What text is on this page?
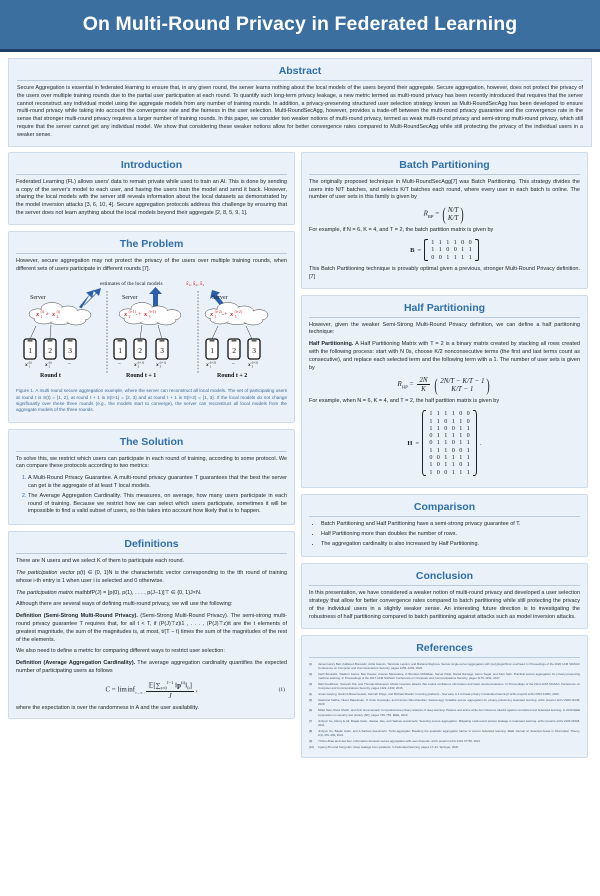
On Multi-Round Privacy in Federated Learning
Abstract

Secure Aggregation is essential in federated learning to ensure that, in any given round, the server learns nothing about the local models of the users beyond their aggregate. Secure aggregation, however, does not protect the privacy of the users over multiple training rounds due to the partial user participation at each round. To quantify such long-term privacy leakage, a new metric termed as multi-round privacy has been recently introduced that requires that the server cannot reconstruct any individual model using the aggregate models from any number of training rounds. In addition, a privacy-preserving structured user selection strategy known as Multi-RoundSecAgg has been developed to ensure multi-round privacy while taking into account the convergence rate and the fairness in the user selection. Multi-RoundSecAgg, however, provides a trade-off between the multi-round privacy guarantee and the convergence rate in the sense that stronger multi-round privacy requires a larger number of training rounds. In this paper, we consider two weaker notions of multi-round privacy, termed as weak multi-round privacy and semi-strong multi-round privacy, which still require that the server cannot get any individual model. We show that considering these weaker notions allow for better convergence rates compared to Multi-RoundSecAgg while still protecting the privacy of the individual users in a weaker sense.

Introduction

Federated Learning (FL) allows users' data to remain private while used to train an AI. This is done by sending a copy of the server's model to each user, and having the users train the model and send it back. However, sharing the local models with the server still reveals information about the local datasets as demonstrated by the model inversion attacks [3, 6, 10, 4]. Secure aggregation protocols address this challenge by ensuring that the server does not learn anything about the local models beyond their aggregate [2, 8, 5, 9, 1].

The Problem

However, secure aggregation may not protect the privacy of the users over multiple training rounds, when different sets of users participate in different rounds [7].

estimates of the local models	x̂₁, x̂₂, x̂₃
Server
x 1
(t) + x 2
(t)
1 2 3
x 1
(t) x 2
(t)	–
Round t
Server
x 2
(t+1) + x 3
(t+1)
1 2 3
– x 2
(t+1) x 3
(t+1)
Round t + 1
Server
x 1
(t+2) + x 3
(t+2)
1 2 3
x 1
(t+2)	– x 3
(t+2)
Round t + 2
Figure 1. A multi round secure aggregation example, where the server can reconstruct all local models. The set of participating users at round t is S(t) = {1, 2}, at round t + 1 is S(t+1) = {2, 3} and at round t + 1 is S(t+2) = {1, 3}. If the local models do not change significantly over these three rounds (e.g., the models start to converge), the server can reconstruct all local models from the aggregate models of the three rounds.
The Solution

To solve this, we restrict which users can participate in each round of training, according to some protocol. We can compare these protocols according to two metrics:

1. A Multi-Round Privacy Guarantee. A multi-round privacy guarantee T guarantees that the best the server can get is the aggregate of at least T local models.
2. The Average Aggregation Cardinality. This measures, on average, how many users participate in each round of training. Because we restrict how we can select which users participate, sometimes it will be impossible to find a valid subset of users, so this takes into account how likely that is to happen.
Definitions

There are N users and we select K of them to participate each round.

The participation vector p(t) ∈ {0, 1}N is the characteristic vector corresponding to the tth round of training whose i-th entry is 1 when user i is selected and 0 otherwise.

The participation matrix mathbfP(J) = [p(0), p(1), . . . , p(J−1)]⊤ ∈ {0, 1}J×N.

Although there are several ways of defining multi-round privacy, we will use the following:

Definition (Semi-Strong Multi-Round Privacy). (Semi-Strong Multi-Round Privacy). The semi-strong multi-round privacy guarantee T requires that, for all t < T, if (P(J)⊤z)i1 , . . . , (P(J)⊤z)it are the t elements of greatest magnitude, the sum of the magnitudes is, at most, t/(T − t) times the sum of the magnitudes of the rest of the elements.

We also need to define a metric for comparing different ways to restrict user selection:

Definition (Average Aggregation Cardinality). The average aggregation cardinality quantifies the expected number of participating users as follows

C = lim $inf_{J\to\infty} \frac{𝔼[\sum_{t=0}^{J-1} ‖p^{(t)}‖_0]}{J}$ ,	(1)

where the expectation is over the randomness in A and the user availability.

Batch Partitioning

The originally proposed technique in Multi-RoundSecAgg[7] was Batch Partitioning. This strategy divides the users into N/T batches, and selects K/T batches each round, where every user in each batch is online. The number of user sets in this family is given by

$R_{BP}$ = ( N/T
K/T )

For example, if N = 6, K = 4, and T = 2, the batch partition matrix is given by

B =
1	1	1	1	0	0
1	1	0	0	1	1
0	0	1	1	1	1

This Batch Partitioning technique is provably optimal given a previous, stronger Multi-Round Privacy definition.[7]

Half Partitioning

However, given the weaker Semi-Strong Multi-Round Privacy definition, we can define a half partitoning technique:

Half Partitioning. A Half Partitioning Matrix with T = 2 is a binary matrix created by stacking all rows created with the following process: start with N 0s, choose K/2 nonconsecutive terms (the first and last terms count as consecutive), and replace each selected term and the following term with a 1. The number of user sets is given by

$R_{HP} = \frac{2N}{K}$
( 2N/T − K/T − 1
K/T − 1 )

For example, when N = 6, K = 4, and T = 2, the half partition matrix is given by

H =
1	1	1	1	0	0
1	1	0	1	1	0
1	1	0	0	1	1
0	1	1	1	1	0
0	1	1	0	1	1
1	1	1	0	0	1
0	0	1	1	1	1
1	0	1	1	0	1
1	0	0	1	1	1
.
Comparison
• Batch Partitioning and Half Partitioning have a semi-strong privacy guarantee of T.
• Half Partitioning more than doubles the number of rows.
• The aggregation cardinality is also increased by Half Partitioning.
Conclusion

In this presentation, we have considered a weaker notion of multi-round privacy and developed a user selection strategy that allow for better convergence rates compared to batch partitioning while still protecting the privacy of the individual users in a slightly weaker sense. An interesting future direction is to investigating the robustness of half partitioning compared to batch partitioning against attacks such as model inversion attacks.

References
[1]	James Henry Bell, Kallista A Bonawitz, Adrià Gascón, Tancrède Lepoint, and Mariana Raykova. Secure single-server aggregation with (poly)logarithmic overhead. In Proceedings of the 2020 ACM SIGSAC Conference on Computer and Communications Security, pages 1253–1269, 2020.
[2]	Keith Bonawitz, Vladimir Ivanov, Ben Kreuter, Antonio Marcedone, H Brendan McMahan, Sarvar Patel, Daniel Ramage, Aaron Segal, and Karn Seth. Practical secure aggregation for privacy-preserving machine learning. In Proceedings of the 2017 ACM SIGSAC Conference on Computer and Communications Security, pages 1175–1191, 2017.
[3]	Matt Fredrikson, Somesh Jha, and Thomas Ristenpart. Model inversion attacks that exploit confidence information and basic countermeasures. In Proceedings of the 22nd ACM SIGSAC Conference on Computer and Communications Security, pages 1322–1333, 2015.
[4]	Jonas Geiping, Hartmut Bauermeister, Hannah Dröge, and Michael Moeller. Inverting gradients - how easy is it to break privacy in federated learning? arXiv preprint arXiv:2003.14053, 2020.
[5]	Swanand Kadhe, Nived Rajaraman, O Ozan Koyluoglu, and Kannan Ramchandran. Fastsecagg: Scalable secure aggregation for privacy-preserving federated learning. arXiv preprint arXiv:2009.11248, 2020.
[6]	Milad Nasr, Reza Shokri, and Amir Houmansadr. Comprehensive privacy analysis of deep learning: Passive and active white-box inference attacks against centralized and federated learning. In 2019 IEEE symposium on security and privacy (SP), pages 739–753. IEEE, 2019.
[7]	Jinhyun So, Ramy E Ali, Başak Güler, Jiantao Jiao, and Salman Avestimehr. Securing secure aggregation: Mitigating multi-round privacy leakage in federated learning. arXiv preprint arXiv:2106.03328, 2021.
[8]	Jinhyun So, Başak Güler, and A Salman Avestimehr. Turbo-aggregate: Breaking the quadratic aggregation barrier in secure federated learning. IEEE Journal on Selected Areas in Information Theory, 2(1):479–489, 2021.
[9]	Yizhou Zhao and Hua Sun. Information theoretic secure aggregation with user dropouts. arXiv preprint arXiv:2101.07750, 2021.
[10]	Ligeng Zhu and Song Han. Deep leakage from gradients. In Federated learning, pages 17–31. Springer, 2020.
